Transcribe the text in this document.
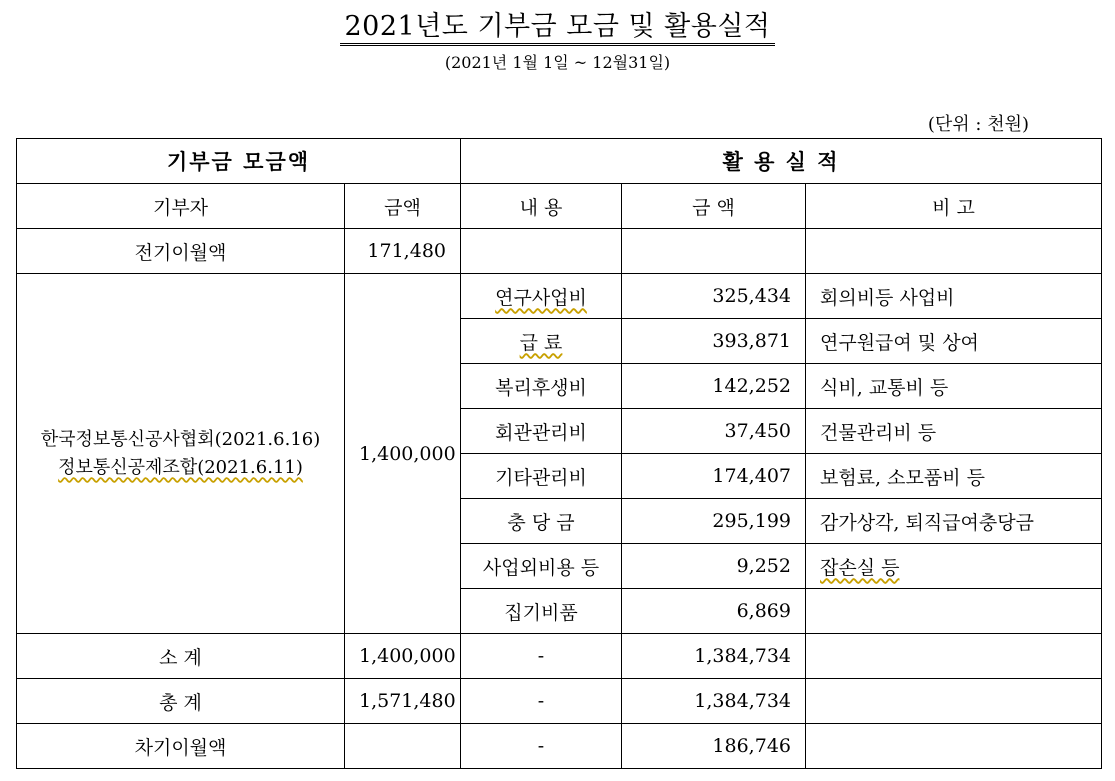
2021년도 기부금 모금 및 활용실적
(2021년 1월 1일 ~ 12월31일)
(단위 : 천원)
기부금 모금액		활 용 실 적		
기부자	금액	내 용	금 액	비 고
전기이월액	171,480			

한국정보통신공사협회(2021.6.16)
정보통신공제조합(2021.6.11)	1,400,000	연구사업비	325,434	회의비등 사업비
		급 료	393,871	연구원급여 및 상여
		복리후생비	142,252	식비, 교통비 등
		회관관리비	37,450	건물관리비 등
		기타관리비	174,407	보험료, 소모품비 등
		충 당 금	295,199	감가상각, 퇴직급여충당금
		사업외비용 등	9,252	잡손실 등
		집기비품	6,869	
소 계	1,400,000	-	1,384,734	
총 계	1,571,480	-	1,384,734	
차기이월액		-	186,746	
